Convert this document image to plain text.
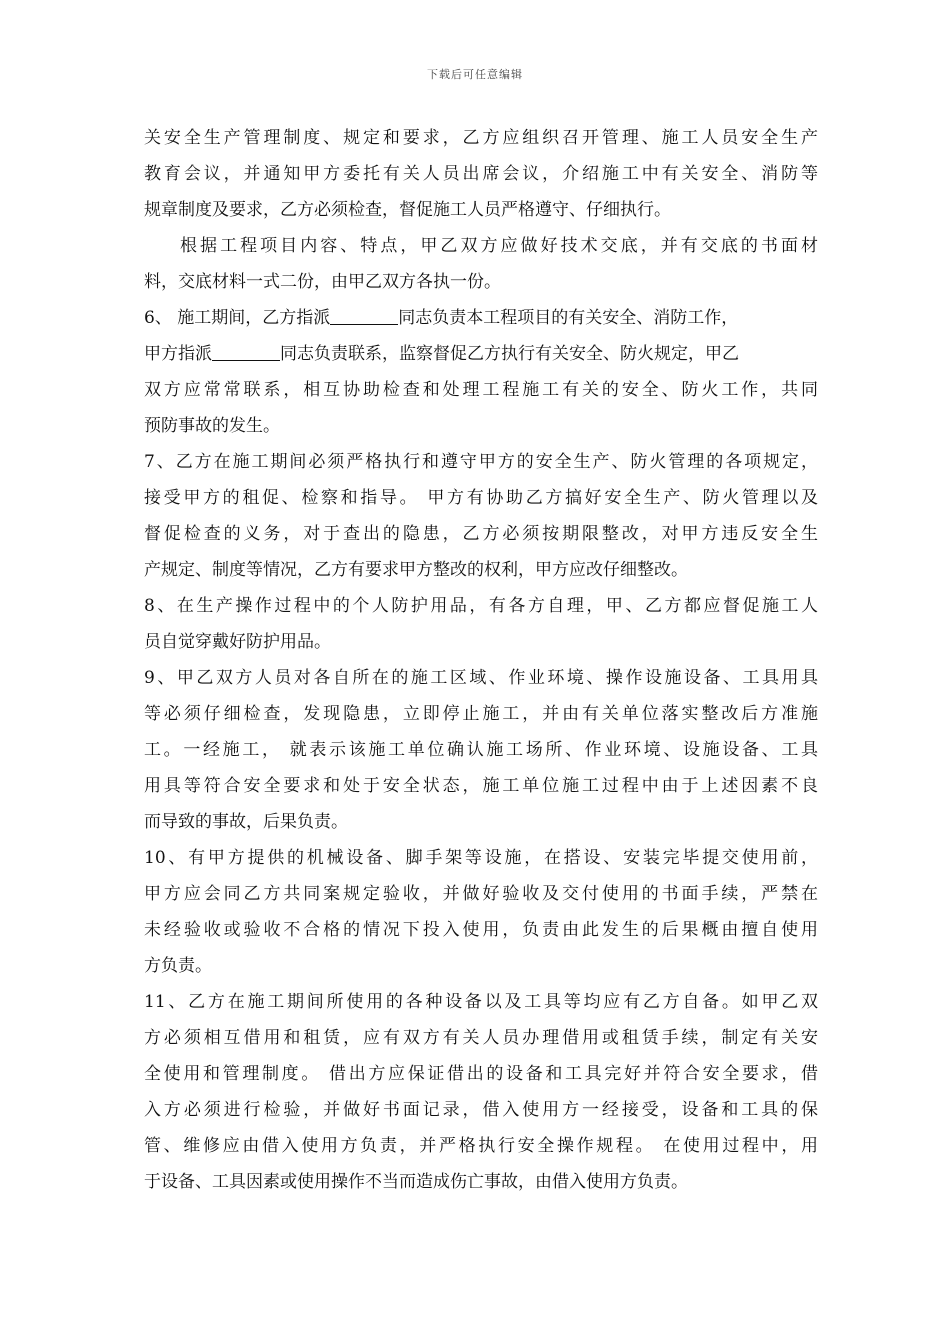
下载后可任意编辑
关安全生产管理制度、规定和要求，乙方应组织召开管理、施工人员安全生产
教育会议，并通知甲方委托有关人员出席会议，介绍施工中有关安全、消防等
规章制度及要求，乙方必须检查，督促施工人员严格遵守、仔细执行。
根据工程项目内容、特点，甲乙双方应做好技术交底，并有交底的书面材
料，交底材料一式二份，由甲乙双方各执一份。
6、 施工期间，乙方指派	同志负责本工程项目的有关安全、消防工作，
甲方指派	同志负责联系，监察督促乙方执行有关安全、防火规定，甲乙
双方应常常联系，相互协助检查和处理工程施工有关的安全、防火工作，共同
预防事故的发生。
7、乙方在施工期间必须严格执行和遵守甲方的安全生产、防火管理的各项规定，
接受甲方的租促、检察和指导。 甲方有协助乙方搞好安全生产、防火管理以及
督促检查的义务，对于查出的隐患，乙方必须按期限整改，对甲方违反安全生
产规定、制度等情况，乙方有要求甲方整改的权利，甲方应改仔细整改。
8、在生产操作过程中的个人防护用品，有各方自理，甲、乙方都应督促施工人
员自觉穿戴好防护用品。
9、甲乙双方人员对各自所在的施工区域、作业环境、操作设施设备、工具用具
等必须仔细检查，发现隐患，立即停止施工，并由有关单位落实整改后方准施
工。一经施工， 就表示该施工单位确认施工场所、作业环境、设施设备、工具
用具等符合安全要求和处于安全状态，施工单位施工过程中由于上述因素不良
而导致的事故，后果负责。
10、有甲方提供的机械设备、脚手架等设施，在搭设、安装完毕提交使用前，
甲方应会同乙方共同案规定验收，并做好验收及交付使用的书面手续，严禁在
未经验收或验收不合格的情况下投入使用，负责由此发生的后果概由擅自使用
方负责。
11、乙方在施工期间所使用的各种设备以及工具等均应有乙方自备。如甲乙双
方必须相互借用和租赁，应有双方有关人员办理借用或租赁手续，制定有关安
全使用和管理制度。 借出方应保证借出的设备和工具完好并符合安全要求，借
入方必须进行检验，并做好书面记录，借入使用方一经接受，设备和工具的保
管、维修应由借入使用方负责，并严格执行安全操作规程。 在使用过程中，用
于设备、工具因素或使用操作不当而造成伤亡事故，由借入使用方负责。
